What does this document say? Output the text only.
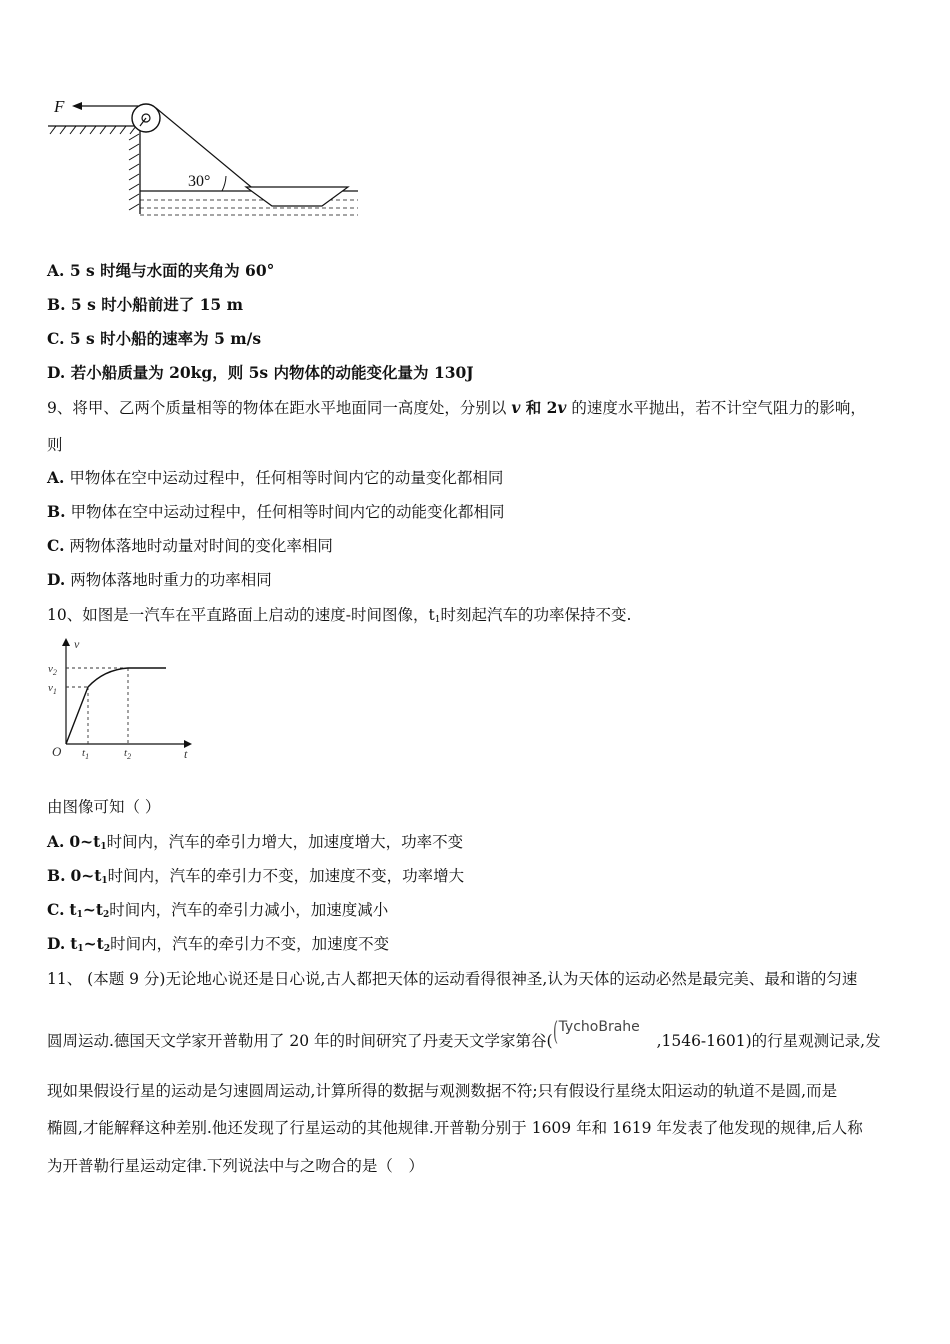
F
30°
A. 5 s 时绳与水面的夹角为 60°
B. 5 s 时小船前进了 15 m
C. 5 s 时小船的速率为 5 m/s
D. 若小船质量为 20kg，则 5s 内物体的动能变化量为 130J
9、将甲、乙两个质量相等的物体在距水平地面同一高度处，分别以 v 和 2v 的速度水平抛出，若不计空气阻力的影响，
则
A. 甲物体在空中运动过程中，任何相等时间内它的动量变化都相同
B. 甲物体在空中运动过程中，任何相等时间内它的动能变化都相同
C. 两物体落地时动量对时间的变化率相同
D. 两物体落地时重力的功率相同
10、如图是一汽车在平直路面上启动的速度-时间图像，$t_1$时刻起汽车的功率保持不变.
v
t
O
$v_2$
$v_1$
$t_1$	$t_2$
由图像可知（ ）
A. $0\sim t_1$时间内，汽车的牵引力增大，加速度增大，功率不变
B. $0\sim t_1$时间内，汽车的牵引力不变，加速度不变，功率增大
C. $t_1\sim t_2$时间内，汽车的牵引力减小，加速度减小
D. $t_1\sim t_2$时间内，汽车的牵引力不变，加速度不变
11、 (本题 9 分)无论地心说还是日心说,古人都把天体的运动看得很神圣,认为天体的运动必然是最完美、最和谐的匀速
圆周运动.德国天文学家开普勒用了 20 年的时间研究了丹麦天文学家第谷( ( TychoBrahe
,1546-1601)的行星观测记录,发
现如果假设行星的运动是匀速圆周运动,计算所得的数据与观测数据不符;只有假设行星绕太阳运动的轨道不是圆,而是
椭圆,才能解释这种差别.他还发现了行星运动的其他规律.开普勒分别于 1609 年和 1619 年发表了他发现的规律,后人称
为开普勒行星运动定律.下列说法中与之吻合的是（　）
